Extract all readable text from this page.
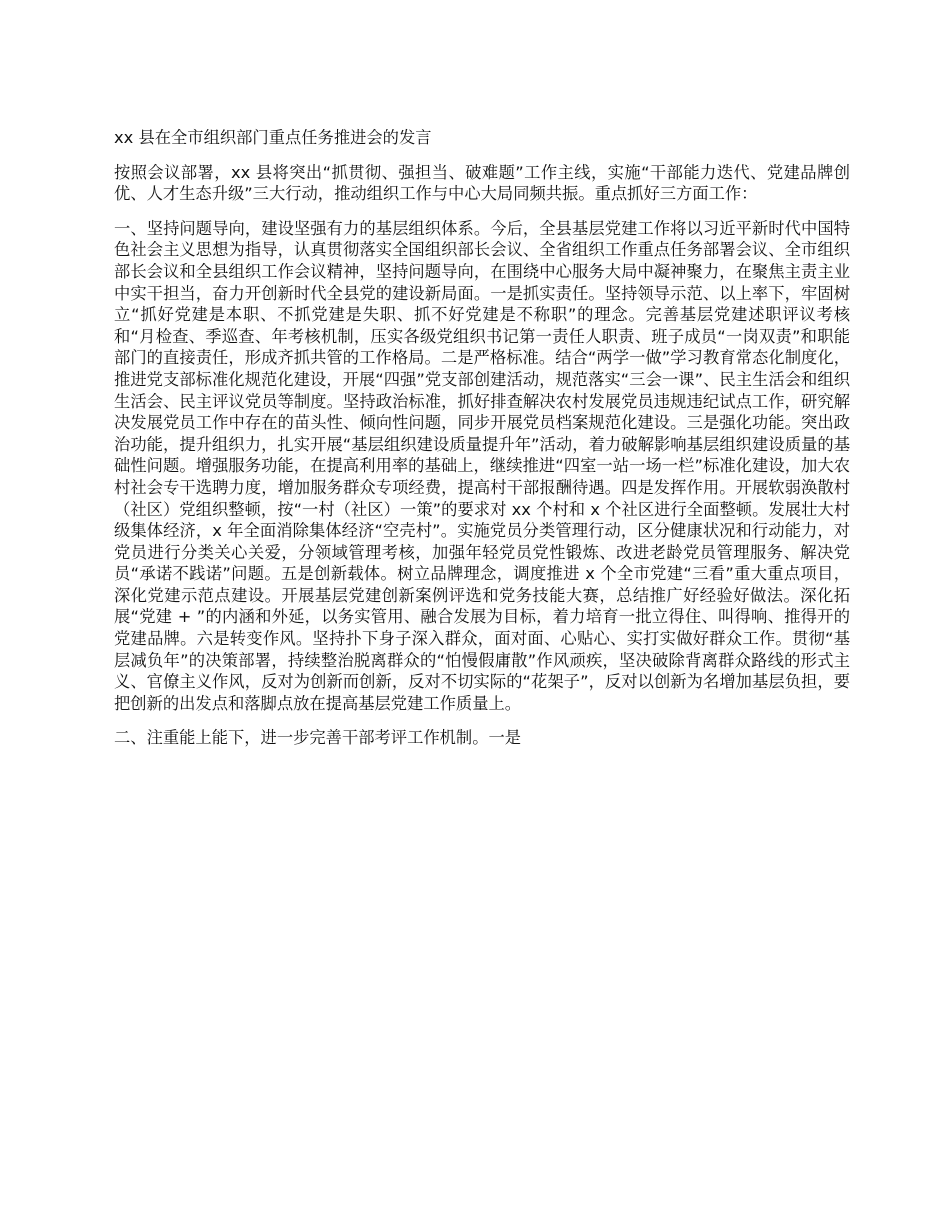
xx 县在全市组织部门重点任务推进会的发言

按照会议部署，xx 县将突出“抓贯彻、强担当、破难题”工作主线，实施“干部能力迭代、党建品牌创优、人才生态升级”三大行动，推动组织工作与中心大局同频共振。重点抓好三方面工作：

一、坚持问题导向，建设坚强有力的基层组织体系。今后，全县基层党建工作将以习近平新时代中国特色社会主义思想为指导，认真贯彻落实全国组织部长会议、全省组织工作重点任务部署会议、全市组织部长会议和全县组织工作会议精神，坚持问题导向，在围绕中心服务大局中凝神聚力，在聚焦主责主业中实干担当，奋力开创新时代全县党的建设新局面。一是抓实责任。坚持领导示范、以上率下，牢固树立“抓好党建是本职、不抓党建是失职、抓不好党建是不称职”的理念。完善基层党建述职评议考核和“月检查、季巡查、年考核机制，压实各级党组织书记第一责任人职责、班子成员“一岗双责”和职能部门的直接责任，形成齐抓共管的工作格局。二是严格标准。结合“两学一做”学习教育常态化制度化，推进党支部标准化规范化建设，开展“四强”党支部创建活动，规范落实“三会一课”、民主生活会和组织生活会、民主评议党员等制度。坚持政治标准，抓好排查解决农村发展党员违规违纪试点工作，研究解决发展党员工作中存在的苗头性、倾向性问题，同步开展党员档案规范化建设。三是强化功能。突出政治功能，提升组织力，扎实开展“基层组织建设质量提升年”活动，着力破解影响基层组织建设质量的基础性问题。增强服务功能，在提高利用率的基础上，继续推进“四室一站一场一栏”标准化建设，加大农村社会专干选聘力度，增加服务群众专项经费，提高村干部报酬待遇。四是发挥作用。开展软弱涣散村（社区）党组织整顿，按“一村（社区）一策”的要求对 xx 个村和 x 个社区进行全面整顿。发展壮大村级集体经济，x 年全面消除集体经济“空壳村”。实施党员分类管理行动，区分健康状况和行动能力，对党员进行分类关心关爱，分领域管理考核，加强年轻党员党性锻炼、改进老龄党员管理服务、解决党员“承诺不践诺”问题。五是创新载体。树立品牌理念，调度推进 x 个全市党建“三看”重大重点项目，深化党建示范点建设。开展基层党建创新案例评选和党务技能大赛，总结推广好经验好做法。深化拓展“党建 + ”的内涵和外延，以务实管用、融合发展为目标，着力培育一批立得住、叫得响、推得开的党建品牌。六是转变作风。坚持扑下身子深入群众，面对面、心贴心、实打实做好群众工作。贯彻“基层减负年”的决策部署，持续整治脱离群众的“怕慢假庸散”作风顽疾，坚决破除背离群众路线的形式主义、官僚主义作风，反对为创新而创新，反对不切实际的“花架子”，反对以创新为名增加基层负担，要把创新的出发点和落脚点放在提高基层党建工作质量上。

二、注重能上能下，进一步完善干部考评工作机制。一是
